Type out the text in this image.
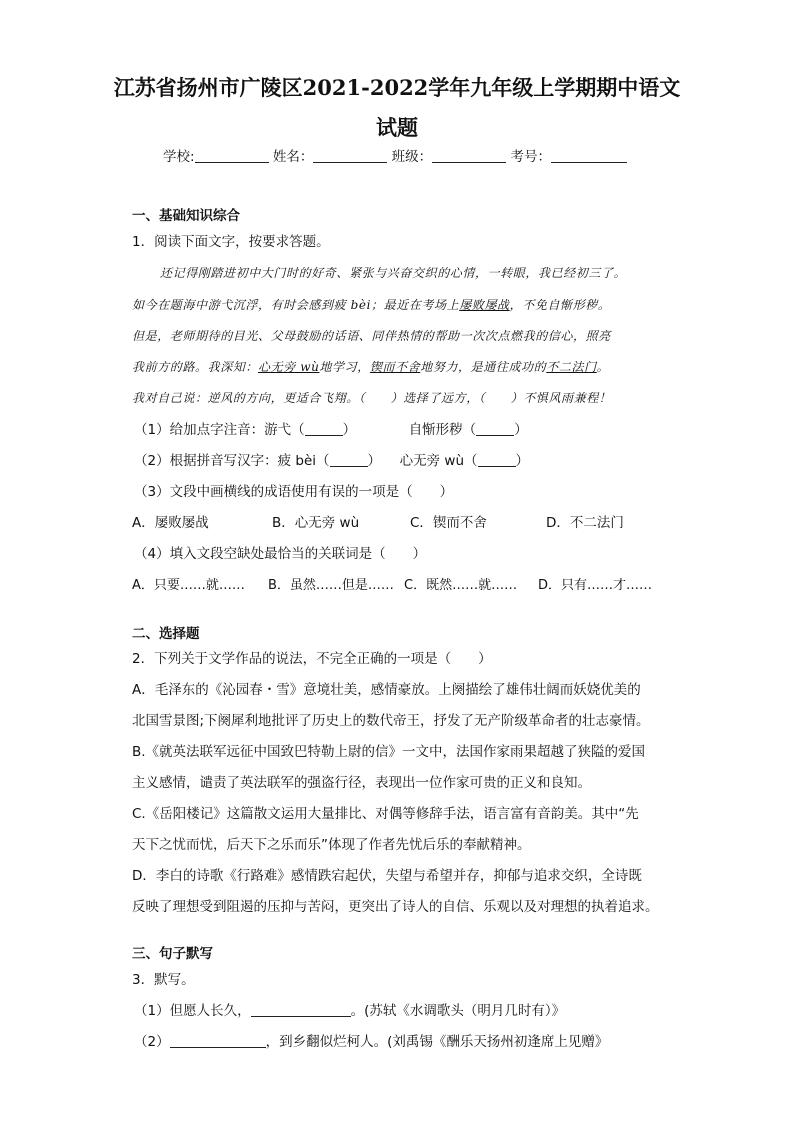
江苏省扬州市广陵区2021-2022学年九年级上学期期中语文
试题
学校:	姓名：	班级：	考号：
一、基础知识综合
1．阅读下面文字，按要求答题。
还记得刚踏进初中大门时的好奇、紧张与兴奋交织的心情，一转眼，我已经初三了。
如今在题海中游弋沉浮，有时会感到疲 bèi；最近在考场上屡败屡战，不免自惭形秽。
但是，老师期待的目光、父母鼓励的话语、同伴热情的帮助一次次点燃我的信心，照亮
我前方的路。我深知：心无旁 wù地学习，锲而不舍地努力，是通往成功的不二法门。
我对自己说：逆风的方向，更适合飞翔。（　　）选择了远方，（　　）不惧风雨兼程！
（1）给加点字注音：游弋（	）	自惭形秽（	）
（2）根据拼音写汉字：疲 bèi（	） 心无旁 wù（	）
（3）文段中画横线的成语使用有误的一项是（　　）
A．屡败屡战	B．心无旁 wù	C．锲而不舍	D．不二法门
（4）填入文段空缺处最恰当的关联词是（　　）
A．只要……就…… B．虽然……但是…… C．既然……就…… D．只有……才……
二、选择题
2．下列关于文学作品的说法，不完全正确的一项是（　　）
A．毛泽东的《沁园春・雪》意境壮美，感情豪放。上阕描绘了雄伟壮阔而妖娆优美的
北国雪景图;下阕犀利地批评了历史上的数代帝王，抒发了无产阶级革命者的壮志豪情。
B.《就英法联军远征中国致巴特勒上尉的信》一文中，法国作家雨果超越了狭隘的爱国
主义感情，谴责了英法联军的强盗行径，表现出一位作家可贵的正义和良知。
C.《岳阳楼记》这篇散文运用大量排比、对偶等修辞手法，语言富有音韵美。其中“先
天下之忧而忧，后天下之乐而乐”体现了作者先忧后乐的奉献精神。
D．李白的诗歌《行路难》感情跌宕起伏，失望与希望并存，抑郁与追求交织，全诗既
反映了理想受到阻遏的压抑与苦闷，更突出了诗人的自信、乐观以及对理想的执着追求。
三、句子默写
3．默写。
（1）但愿人长久，	。(苏轼《水调歌头（明月几时有）》
（2）	，到乡翻似烂柯人。(刘禹锡《酬乐天扬州初逢席上见赠》
